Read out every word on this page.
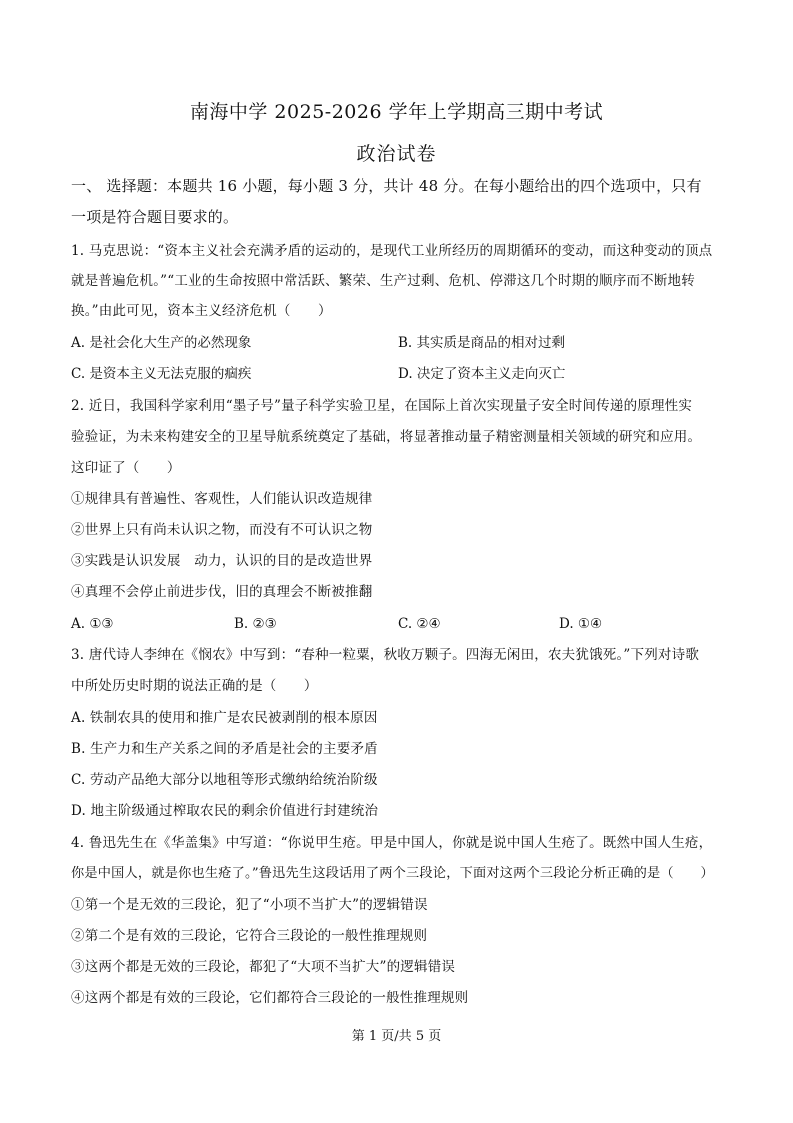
南海中学 2025-2026 学年上学期高三期中考试
政治试卷
一、 选择题：本题共 16 小题，每小题 3 分，共计 48 分。在每小题给出的四个选项中，只有
一项是符合题目要求的。
1. 马克思说：“资本主义社会充满矛盾的运动的，是现代工业所经历的周期循环的变动，而这种变动的顶点
就是普遍危机。”“工业的生命按照中常活跃、繁荣、生产过剩、危机、停滞这几个时期的顺序而不断地转
换。”由此可见，资本主义经济危机（　　）
A. 是社会化大生产的必然现象	B. 其实质是商品的相对过剩
C. 是资本主义无法克服的痼疾	D. 决定了资本主义走向灭亡
2. 近日，我国科学家利用“墨子号”量子科学实验卫星，在国际上首次实现量子安全时间传递的原理性实
验验证，为未来构建安全的卫星导航系统奠定了基础，将显著推动量子精密测量相关领域的研究和应用。
这印证了（　　）
①规律具有普遍性、客观性，人们能认识改造规律
②世界上只有尚未认识之物，而没有不可认识之物
③实践是认识发展　动力，认识的目的是改造世界
④真理不会停止前进步伐，旧的真理会不断被推翻
A. ①③	B. ②③	C. ②④	D. ①④
3. 唐代诗人李绅在《悯农》中写到：“春种一粒粟，秋收万颗子。四海无闲田，农夫犹饿死。”下列对诗歌
中所处历史时期的说法正确的是（　　）
A. 铁制农具的使用和推广是农民被剥削的根本原因
B. 生产力和生产关系之间的矛盾是社会的主要矛盾
C. 劳动产品绝大部分以地租等形式缴纳给统治阶级
D. 地主阶级通过榨取农民的剩余价值进行封建统治
4. 鲁迅先生在《华盖集》中写道：“你说甲生疮。甲是中国人，你就是说中国人生疮了。既然中国人生疮，
你是中国人，就是你也生疮了。”鲁迅先生这段话用了两个三段论，下面对这两个三段论分析正确的是（　　）
①第一个是无效的三段论，犯了“小项不当扩大”的逻辑错误
②第二个是有效的三段论，它符合三段论的一般性推理规则
③这两个都是无效的三段论，都犯了“大项不当扩大”的逻辑错误
④这两个都是有效的三段论，它们都符合三段论的一般性推理规则
第 1 页/共 5 页
